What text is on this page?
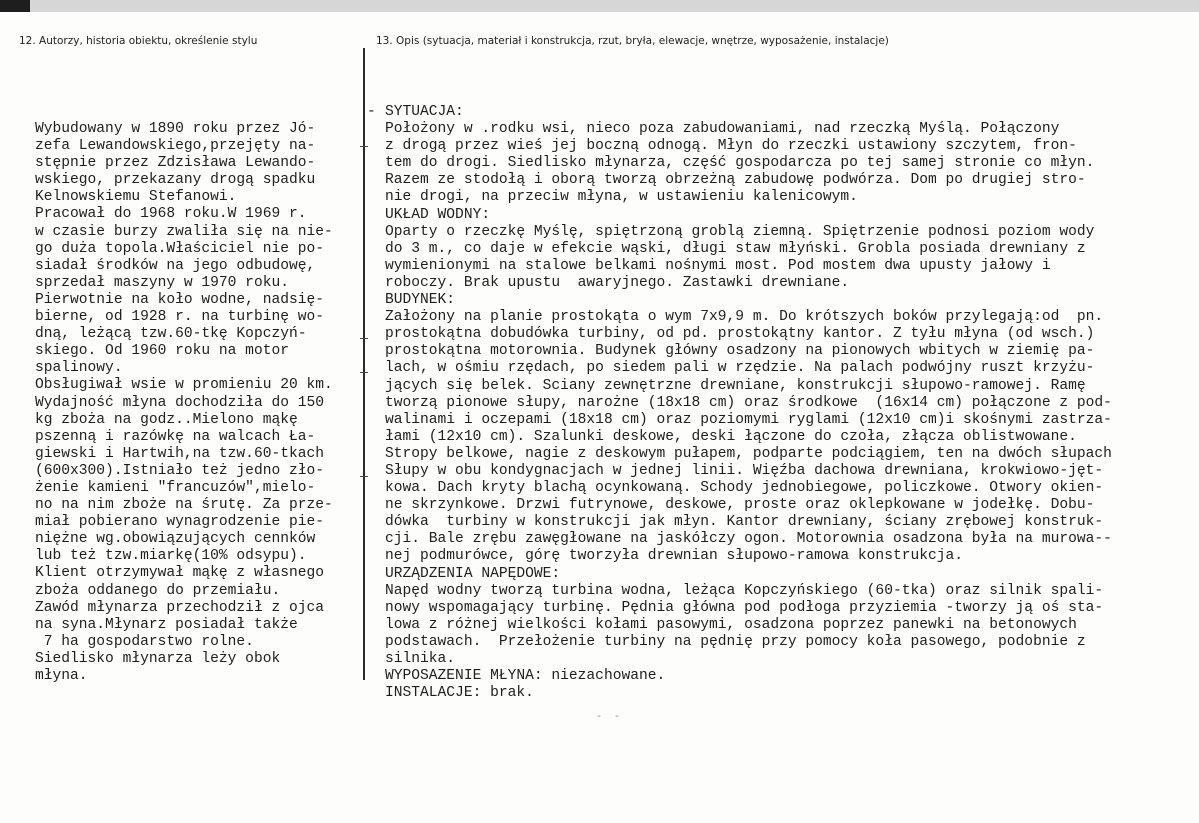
12. Autorzy, historia obiektu, określenie stylu	13. Opis (sytuacja, materiał i konstrukcja, rzut, bryła, elewacje, wnętrze, wyposażenie, instalacje)
Wybudowany w 1890 roku przez Jó-
zefa Lewandowskiego,przejęty na-
stępnie przez Zdzisława Lewando-
wskiego, przekazany drogą spadku
Kelnowskiemu Stefanowi.
Pracował do 1968 roku.W 1969 r.
w czasie burzy zwaliła się na nie-
go duża topola.Właściciel nie po-
siadał środków na jego odbudowę,
sprzedał maszyny w 1970 roku.
Pierwotnie na koło wodne, nadsię-
bierne, od 1928 r. na turbinę wo-
dną, leżącą tzw.60-tkę Kopczyń-
skiego. Od 1960 roku na motor
spalinowy.
Obsługiwał wsie w promieniu 20 km.
Wydajność młyna dochodziła do 150
kg zboża na godz..Mielono mąkę
pszenną i razówkę na walcach Ła-
giewski i Hartwih,na tzw.60-tkach
(600x300).Istniało też jedno zło-
żenie kamieni "francuzów",mielo-
no na nim zboże na śrutę. Za prze-
miał pobierano wynagrodzenie pie-
niężne wg.obowiązujących cennków
lub też tzw.miarkę(10% odsypu).
Klient otrzymywał mąkę z własnego
zboża oddanego do przemiału.
Zawód młynarza przechodził z ojca
na syna.Młynarz posiadał także
7 ha gospodarstwo rolne.
Siedlisko młynarza leży obok
młyna.
- SYTUACJA:
Położony w .rodku wsi, nieco poza zabudowaniami, nad rzeczką Myślą. Połączony
z drogą przez wieś jej boczną odnogą. Młyn do rzeczki ustawiony szczytem, fron-
tem do drogi. Siedlisko młynarza, część gospodarcza po tej samej stronie co młyn.
Razem ze stodołą i oborą tworzą obrzeżną zabudowę podwórza. Dom po drugiej stro-
nie drogi, na przeciw młyna, w ustawieniu kalenicowym.
UKŁAD WODNY:
Oparty o rzeczkę Myślę, spiętrzoną groblą ziemną. Spiętrzenie podnosi poziom wody
do 3 m., co daje w efekcie wąski, długi staw młyński. Grobla posiada drewniany z
wymienionymi na stalowe belkami nośnymi most. Pod mostem dwa upusty jałowy i
roboczy. Brak upustu  awaryjnego. Zastawki drewniane.
BUDYNEK:
Założony na planie prostokąta o wym 7x9,9 m. Do krótszych boków przylegają:od  pn.
prostokątna dobudówka turbiny, od pd. prostokątny kantor. Z tyłu młyna (od wsch.)
prostokątna motorownia. Budynek główny osadzony na pionowych wbitych w ziemię pa-
lach, w ośmiu rzędach, po siedem pali w rzędzie. Na palach podwójny ruszt krzyżu-
jących się belek. Sciany zewnętrzne drewniane, konstrukcji słupowo-ramowej. Ramę
tworzą pionowe słupy, narożne (18x18 cm) oraz środkowe  (16x14 cm) połączone z pod-
walinami i oczepami (18x18 cm) oraz poziomymi ryglami (12x10 cm)i skośnymi zastrza-
łami (12x10 cm). Szalunki deskowe, deski łączone do czoła, złącza oblistwowane.
Stropy belkowe, nagie z deskowym pułapem, podparte podciągiem, ten na dwóch słupach
Słupy w obu kondygnacjach w jednej linii. Więźba dachowa drewniana, krokwiowo-jęt-
kowa. Dach kryty blachą ocynkowaną. Schody jednobiegowe, policzkowe. Otwory okien-
ne skrzynkowe. Drzwi futrynowe, deskowe, proste oraz oklepkowane w jodełkę. Dobu-
dówka  turbiny w konstrukcji jak młyn. Kantor drewniany, ściany zrębowej konstruk-
cji. Bale zrębu zawęgłowane na jaskółczy ogon. Motorownia osadzona była na murowa--
nej podmurówce, górę tworzyła drewnian słupowo-ramowa konstrukcja.
URZĄDZENIA NAPĘDOWE:
Napęd wodny tworzą turbina wodna, leżąca Kopczyńskiego (60-tka) oraz silnik spali-
nowy wspomagający turbinę. Pędnia główna pod podłoga przyziemia -tworzy ją oś sta-
lowa z różnej wielkości kołami pasowymi, osadzona poprzez panewki na betonowych
podstawach.  Przełożenie turbiny na pędnię przy pomocy koła pasowego, podobnie z
silnika.
WYPOSAZENIE MŁYNA: niezachowane.
INSTALACJE: brak.
- -
